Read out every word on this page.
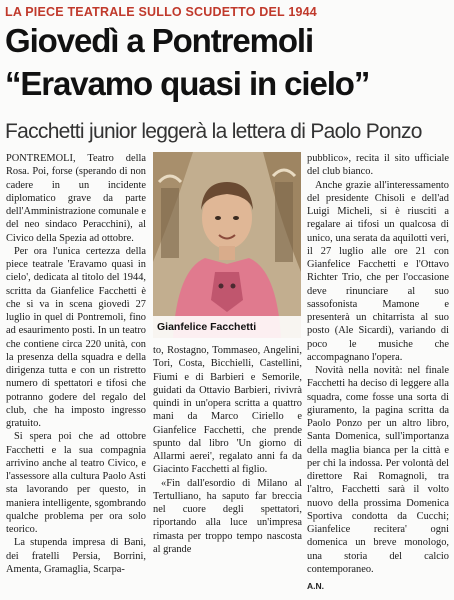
LA PIECE TEATRALE SULLO SCUDETTO DEL 1944
Giovedì a Pontremoli
“Eravamo quasi in cielo”
Facchetti junior leggerà la lettera di Paolo Ponzo

PONTREMOLI, Teatro della Rosa. Poi, forse (sperando di non cadere in un incidente diplomatico grave da parte dell'Amministrazione comunale e del neo sindaco Peracchini), al Civico della Spezia ad ottobre.

Per ora l'unica certezza della piece teatrale 'Eravamo quasi in cielo', dedicata al titolo del 1944, scritta da Gianfelice Facchetti è che si va in scena giovedì 27 luglio in quel di Pontremoli, fino ad esaurimento posti. In un teatro che contiene circa 220 unità, con la presenza della squadra e della dirigenza tutta e con un ristretto numero di spettatori e tifosi che potranno godere del regalo del club, che ha imposto ingresso gratuito.

Si spera poi che ad ottobre Facchetti e la sua compagnia arrivino anche al teatro Civico, e l'assessore alla cultura Paolo Asti sta lavorando per questo, in maniera intelligente, sgombrando qualche problema per ora solo teorico.

La stupenda impresa di Bani, dei fratelli Persia, Borrini, Amenta, Gramaglia, Scarpa-

Gianfelice Facchetti

to, Rostagno, Tommaseo, Angelini, Tori, Costa, Bicchielli, Castellini, Fiumi e di Barbieri e Semorile, guidati da Ottavio Barbieri, rivivrà quindi in un'opera scritta a quattro mani da Marco Ciriello e Gianfelice Facchetti, che prende spunto dal libro 'Un giorno di Allarmi aerei', regalato anni fa da Giacinto Facchetti al figlio.

«Fin dall'esordio di Milano al Tertulliano, ha saputo far breccia nel cuore degli spettatori, riportando alla luce un'impresa rimasta per troppo tempo nascosta al grande

pubblico», recita il sito ufficiale del club bianco.

Anche grazie all'interessamento del presidente Chisoli e dell'ad Luigi Micheli, si è riusciti a regalare ai tifosi un qualcosa di unico, una serata da aquilotti veri, il 27 luglio alle ore 21 con Gianfelice Facchetti e l'Ottavo Richter Trio, che per l'occasione deve rinunciare al suo sassofonista Mamone e presenterà un chitarrista al suo posto (Ale Sicardi), variando di poco le musiche che accompagnano l'opera.

Novità nella novità: nel finale Facchetti ha deciso di leggere alla squadra, come fosse una sorta di giuramento, la pagina scritta da Paolo Ponzo per un altro libro, Santa Domenica, sull'importanza della maglia bianca per la città e per chi la indossa. Per volontà del direttore Rai Romagnoli, tra l'altro, Facchetti sarà il volto nuovo della prossima Domenica Sportiva condotta da Cucchi; Gianfelice recitera' ogni domenica un breve monologo, una storia del calcio contemporaneo.

A.N.
